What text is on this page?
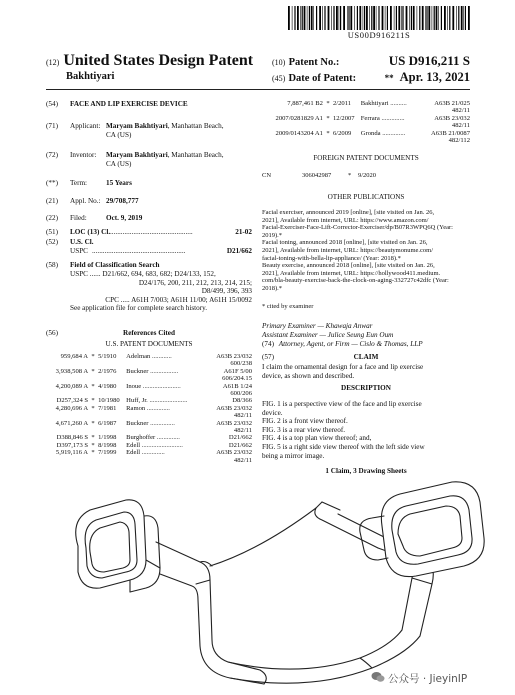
US00D916211S
(12) United States Design Patent
Bakhtiyari
(10) Patent No.:	US D916,211 S
(45) Date of Patent:	** Apr. 13, 2021
(54)	FACE AND LIP EXERCISE DEVICE
(71)	Applicant: Maryam Bakhtiyari, Manhattan Beach,
CA (US)
(72)	Inventor: Maryam Bakhtiyari, Manhattan Beach,
CA (US)
(**)	Term:	15 Years
(21)	Appl. No.: 29/708,777
(22)	Filed:	Oct. 9, 2019
(51)	LOC (13) Cl. ..............................................	21-02
(52)	U.S. Cl.
USPC ....................................................	D21/662
(58)	Field of Classification Search
USPC ...... D21/662, 694, 683, 682; D24/133, 152,
D24/176, 200, 211, 212, 213, 214, 215;
D8/499, 396, 393
CPC ..... A61H 7/003; A61H 11/00; A61H 15/0092
See application file for complete search history.
(56)	References Cited
U.S. PATENT DOCUMENTS
959,684 A	*	5/1910	Adelman ............	A63B 23/032
				600/238
3,938,508 A	*	2/1976	Buckner .................	A61F 5/00
				606/204.15
4,200,089 A	*	4/1980	Inoue .......................	A61B 1/24
				600/206
D257,324 S	*	10/1980	Huff, Jr. .......................	D8/366
4,280,696 A	*	7/1981	Ramon ..............	A63B 23/032
				482/11
4,671,260 A	*	6/1987	Buckner ...............	A63B 23/032
				482/11
D388,846 S	*	1/1998	Burghoffer ..............	D21/662
D397,173 S	*	8/1998	Edell .........................	D21/662
5,919,116 A	*	7/1999	Edell ..............	A63B 23/032
				482/11
7,887,461 B2	*	2/2011	Bakhtiyari ..........	A63B 21/025
				482/11
2007/0281829 A1	*	12/2007	Ferrara ..............	A63B 23/032
				482/11
2009/0143204 A1	*	6/2009	Gronda ..............	A63B 21/0087
				482/112
FOREIGN PATENT DOCUMENTS
CN	306042987	* 9/2020
OTHER PUBLICATIONS
Facial exerciser, announced 2019 [online], [site visited on Jan. 26,
2021], Available from internet, URL: https://www.amazon.com/
Facial-Exerciser-Face-Lift-Corrector-Exerciser/dp/B07R3WPQ6Q (Year:
2019).*
Facial toning, announced 2018 [online], [site visited on Jan. 26,
2021], Available from internet, URL: https://beautymonume.com/
facial-toning-with-bella-lip-appliance/ (Year: 2018).*
Beauty exercise, announced 2018 [online], [site visited on Jan. 26,
2021], Available from internet, URL: https://hollywood411.medium.
com/bla-beauty-exercise-back-the-clock-on-aging-332727c42dfc (Year:
2018).*
* cited by examiner
Primary Examiner — Khawaja Anwar
Assistant Examiner — Julice Seung Eun Oum
(74) Attorney, Agent, or Firm — Cislo & Thomas, LLP
(57)	CLAIM
I claim the ornamental design for a face and lip exercise
device, as shown and described.
DESCRIPTION
FIG. 1 is a perspective view of the face and lip exercise
device.
FIG. 2 is a front view thereof.
FIG. 3 is a rear view thereof.
FIG. 4 is a top plan view thereof; and,
FIG. 5 is a right side view thereof with the left side view
being a mirror image.
1 Claim, 3 Drawing Sheets
公众号 · JieyinIP
